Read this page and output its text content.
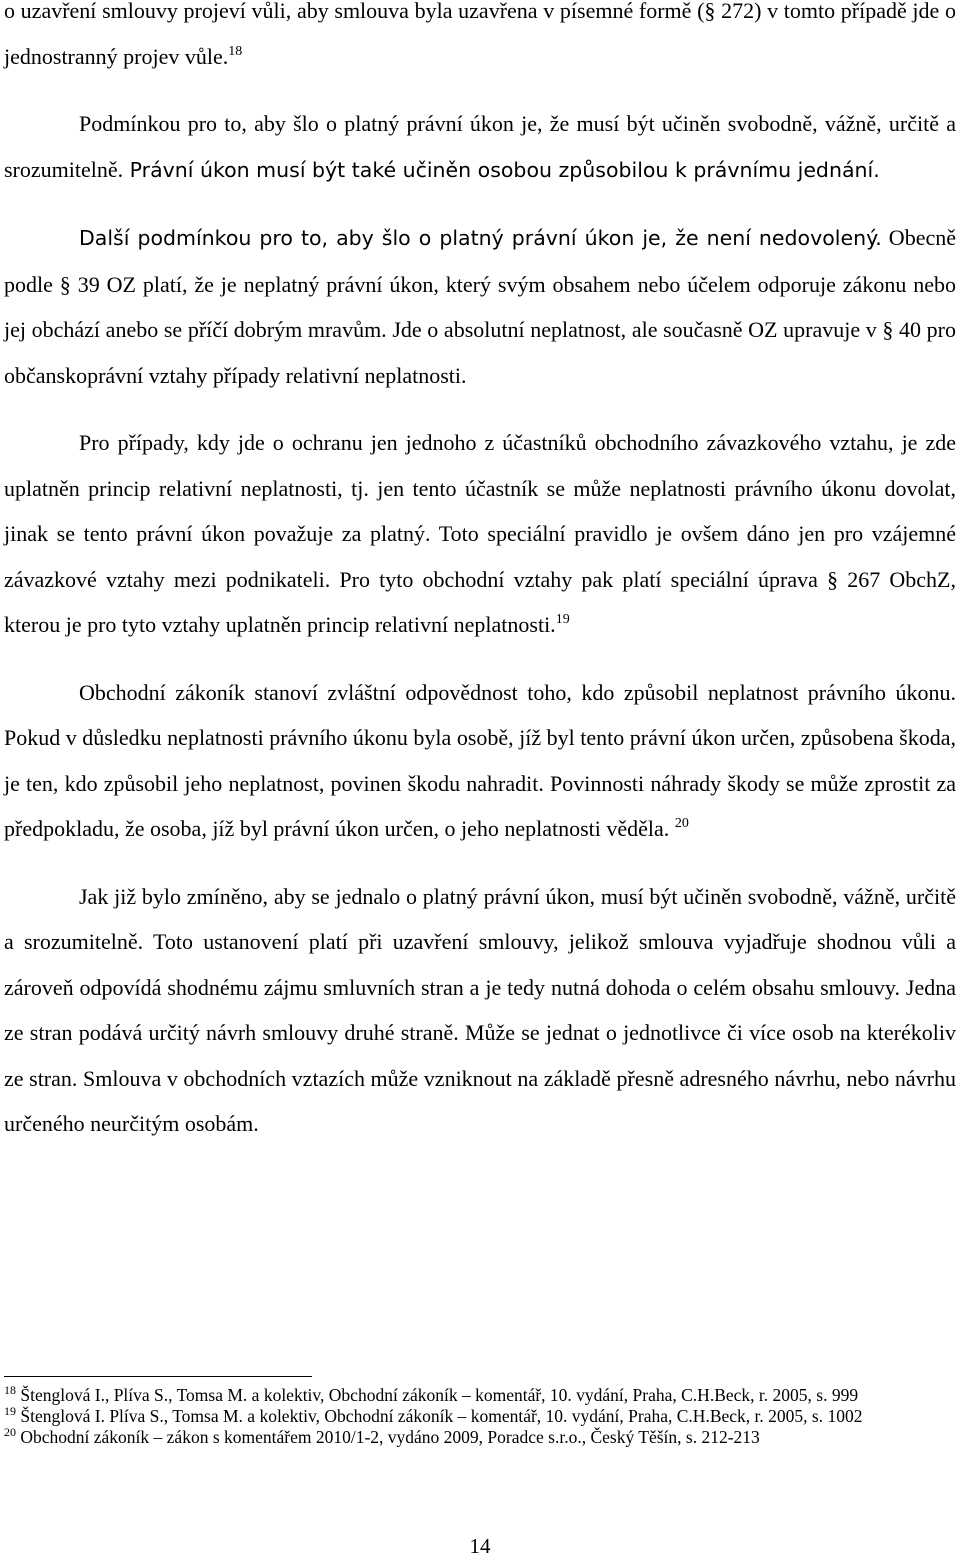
o uzavření smlouvy projeví vůli, aby smlouva byla uzavřena v písemné formě (§ 272) v tomto případě jde o jednostranný projev vůle.$^{18}$

Podmínkou pro to, aby šlo o platný právní úkon je, že musí být učiněn svobodně, vážně, určitě a srozumitelně. Právní úkon musí být také učiněn osobou způsobilou k právnímu jednání.

Další podmínkou pro to, aby šlo o platný právní úkon je, že není nedovolený. Obecně podle § 39 OZ platí, že je neplatný právní úkon, který svým obsahem nebo účelem odporuje zákonu nebo jej obchází anebo se příčí dobrým mravům. Jde o absolutní neplatnost, ale současně OZ upravuje v § 40 pro občanskoprávní vztahy případy relativní neplatnosti.

Pro případy, kdy jde o ochranu jen jednoho z účastníků obchodního závazkového vztahu, je zde uplatněn princip relativní neplatnosti, tj. jen tento účastník se může neplatnosti právního úkonu dovolat, jinak se tento právní úkon považuje za platný. Toto speciální pravidlo je ovšem dáno jen pro vzájemné závazkové vztahy mezi podnikateli. Pro tyto obchodní vztahy pak platí speciální úprava § 267 ObchZ, kterou je pro tyto vztahy uplatněn princip relativní neplatnosti.$^{19}$

Obchodní zákoník stanoví zvláštní odpovědnost toho, kdo způsobil neplatnost právního úkonu. Pokud v důsledku neplatnosti právního úkonu byla osobě, jíž byl tento právní úkon určen, způsobena škoda, je ten, kdo způsobil jeho neplatnost, povinen škodu nahradit. Povinnosti náhrady škody se může zprostit za předpokladu, že osoba, jíž byl právní úkon určen, o jeho neplatnosti věděla. $^{20}$

Jak již bylo zmíněno, aby se jednalo o platný právní úkon, musí být učiněn svobodně, vážně, určitě a srozumitelně. Toto ustanovení platí při uzavření smlouvy, jelikož smlouva vyjadřuje shodnou vůli a zároveň odpovídá shodnému zájmu smluvních stran a je tedy nutná dohoda o celém obsahu smlouvy. Jedna ze stran podává určitý návrh smlouvy druhé straně. Může se jednat o jednotlivce či více osob na kterékoliv ze stran. Smlouva v obchodních vztazích může vzniknout na základě přesně adresného návrhu, nebo návrhu určeného neurčitým osobám.

$^{18}$ Štenglová I., Plíva S., Tomsa M. a kolektiv, Obchodní zákoník – komentář, 10. vydání, Praha, C.H.Beck, r. 2005, s. 999

$^{19}$ Štenglová I. Plíva S., Tomsa M. a kolektiv, Obchodní zákoník – komentář, 10. vydání, Praha, C.H.Beck, r. 2005, s. 1002

$^{20}$ Obchodní zákoník – zákon s komentářem 2010/1-2, vydáno 2009, Poradce s.r.o., Český Těšín, s. 212-213

14
